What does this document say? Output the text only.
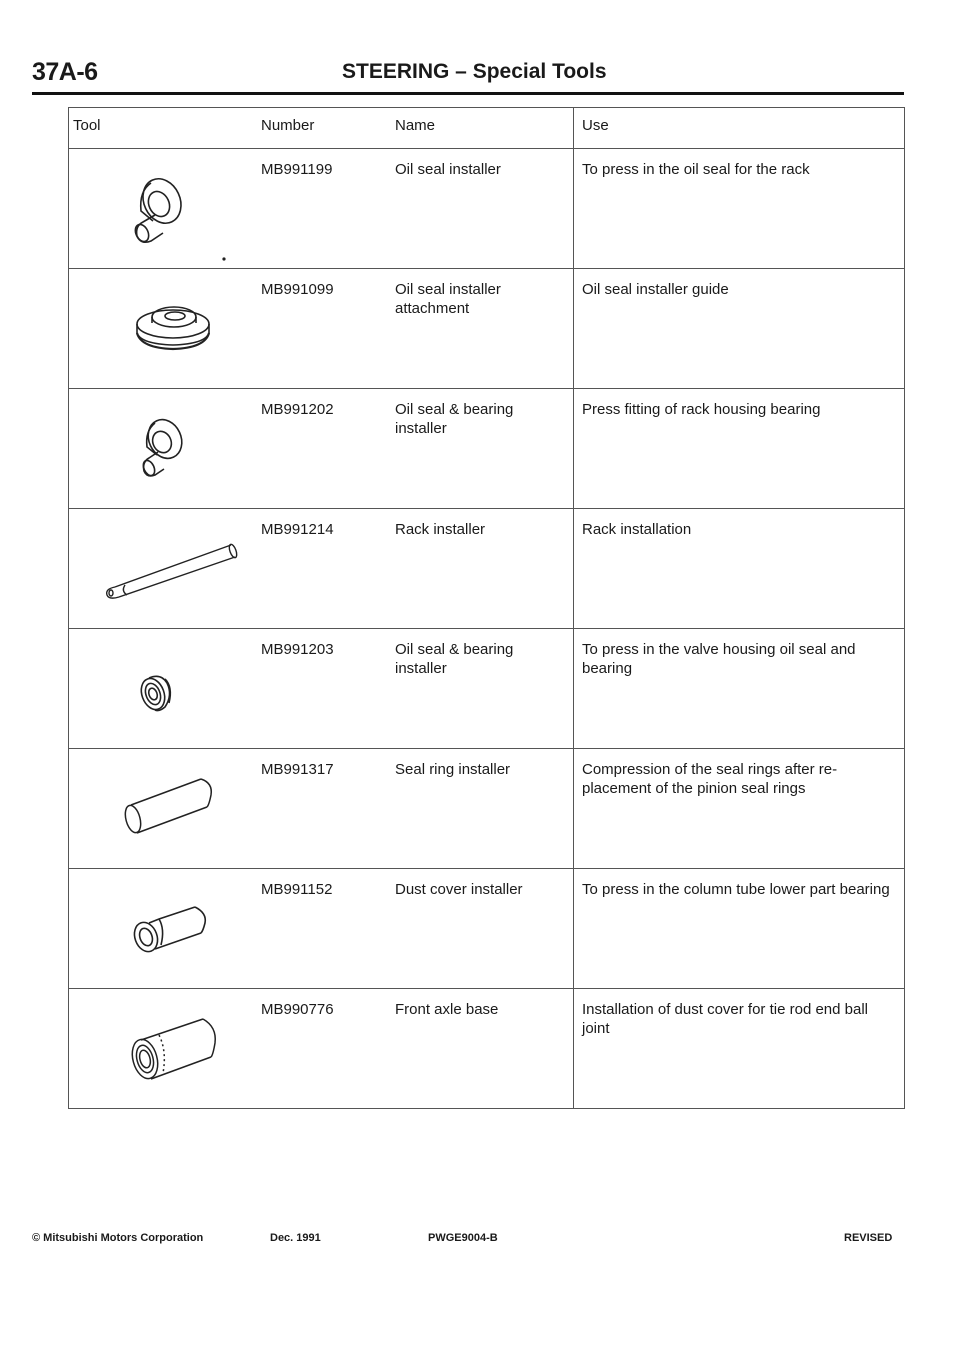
37A-6	STEERING – Special Tools
Tool	Number	Name	Use

	MB991199	Oil seal installer	To press in the oil seal for the rack

	MB991099	Oil seal installer attachment	Oil seal installer guide

	MB991202	Oil seal & bearing installer	Press fitting of rack housing bearing

	MB991214	Rack installer	Rack installation

	MB991203	Oil seal & bearing installer	To press in the valve housing oil seal and bearing

	MB991317	Seal ring installer	Compression of the seal rings after re-placement of the pinion seal rings

	MB991152	Dust cover installer	To press in the column tube lower part bearing

	MB990776	Front axle base	Installation of dust cover for tie rod end ball joint
© Mitsubishi Motors Corporation	Dec. 1991	PWGE9004-B	REVISED
